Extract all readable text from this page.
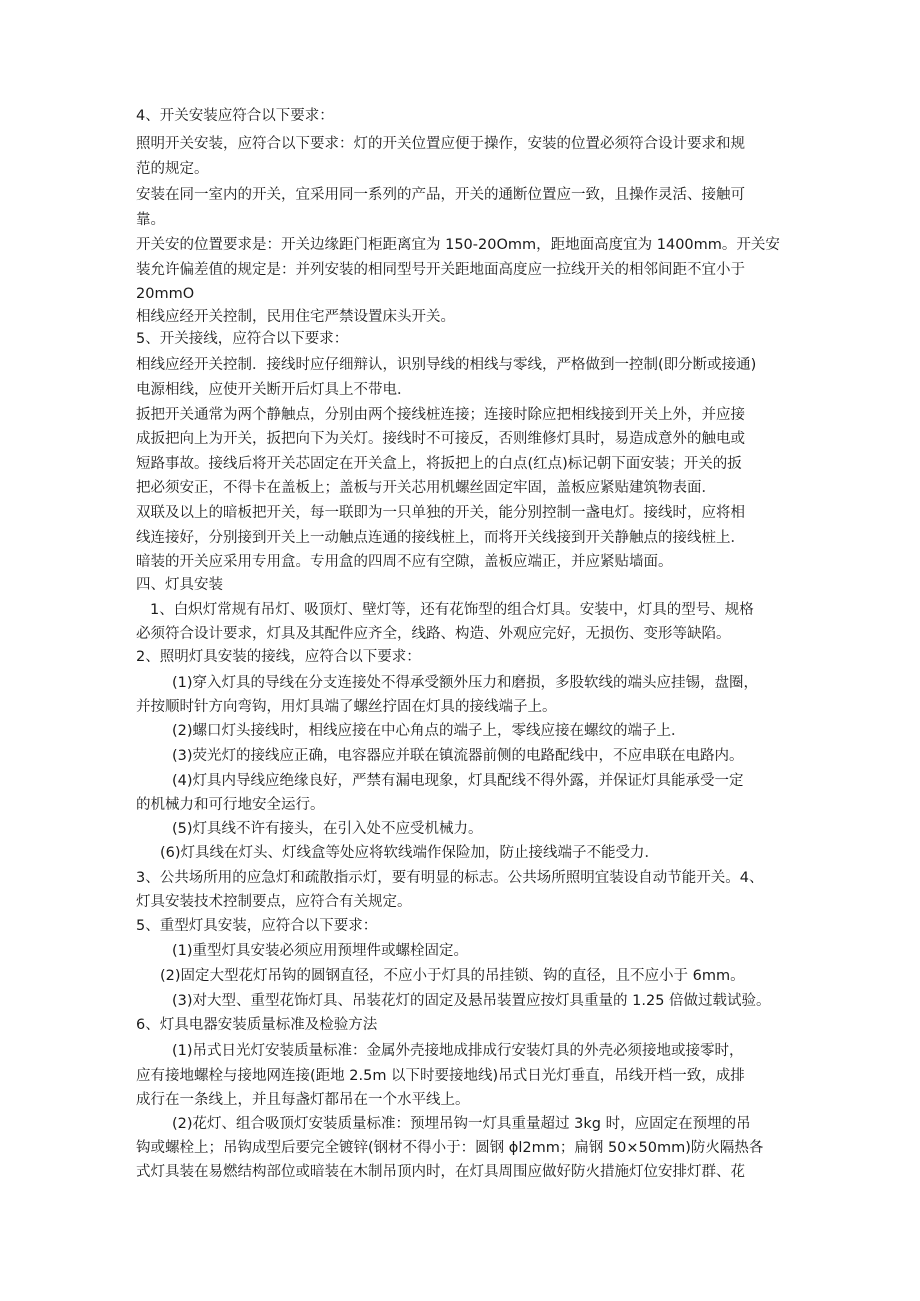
4、开关安装应符合以下要求：
照明开关安装，应符合以下要求：灯的开关位置应便于操作，安装的位置必须符合设计要求和规
范的规定。
安装在同一室内的开关，宜采用同一系列的产品，开关的通断位置应一致，且操作灵活、接触可
靠。
开关安的位置要求是：开关边缘距门柜距离宜为 150-20Omm，距地面高度宜为 1400mm。开关安
装允许偏差值的规定是：并列安装的相同型号开关距地面高度应一拉线开关的相邻间距不宜小于
20mmO
相线应经开关控制，民用住宅严禁设置床头开关。
5、开关接线，应符合以下要求：
相线应经开关控制．接线时应仔细辩认，识别导线的相线与零线，严格做到一控制(即分断或接通)
电源相线，应使开关断开后灯具上不带电．
扳把开关通常为两个静触点，分别由两个接线桩连接；连接时除应把相线接到开关上外，并应接
成扳把向上为开关，扳把向下为关灯。接线时不可接反，否则维修灯具时，易造成意外的触电或
短路事故。接线后将开关芯固定在开关盒上，将扳把上的白点(红点)标记朝下面安装；开关的扳
把必须安正，不得卡在盖板上；盖板与开关芯用机螺丝固定牢固，盖板应紧贴建筑物表面．
双联及以上的暗板把开关，每一联即为一只单独的开关，能分别控制一盏电灯。接线时，应将相
线连接好，分别接到开关上一动触点连通的接线桩上，而将开关线接到开关静触点的接线桩上．
暗装的开关应采用专用盒。专用盒的四周不应有空隙，盖板应端正，并应紧贴墙面。
四、灯具安装
1、白炽灯常规有吊灯、吸顶灯、壁灯等，还有花饰型的组合灯具。安装中，灯具的型号、规格
必须符合设计要求，灯具及其配件应齐全，线路、构造、外观应完好，无损伤、变形等缺陷。
2、照明灯具安装的接线，应符合以下要求：
(1)穿入灯具的导线在分支连接处不得承受额外压力和磨损，多股软线的端头应挂锡，盘圈，
并按顺时针方向弯钩，用灯具端了螺丝拧固在灯具的接线端子上。
(2)螺口灯头接线时，相线应接在中心角点的端子上，零线应接在螺纹的端子上．
(3)荧光灯的接线应正确，电容器应并联在镇流器前侧的电路配线中，不应串联在电路内。
(4)灯具内导线应绝缘良好，严禁有漏电现象，灯具配线不得外露，并保证灯具能承受一定
的机械力和可行地安全运行。
(5)灯具线不许有接头，在引入处不应受机械力。
(6)灯具线在灯头、灯线盒等处应将软线端作保险加，防止接线端子不能受力．
3、公共场所用的应急灯和疏散指示灯，要有明显的标志。公共场所照明宜装设自动节能开关。4、
灯具安装技术控制要点，应符合有关规定。
5、重型灯具安装，应符合以下要求：
(1)重型灯具安装必须应用预埋件或螺栓固定。
(2)固定大型花灯吊钩的圆钢直径，不应小于灯具的吊挂锁、钩的直径，且不应小于 6mm。
(3)对大型、重型花饰灯具、吊装花灯的固定及悬吊装置应按灯具重量的 1.25 倍做过载试验。
6、灯具电器安装质量标准及检验方法
(1)吊式日光灯安装质量标准：金属外壳接地成排成行安装灯具的外壳必须接地或接零时，
应有接地螺栓与接地网连接(距地 2.5m 以下时要接地线)吊式日光灯垂直，吊线开档一致，成排
成行在一条线上，并且每盏灯都吊在一个水平线上。
(2)花灯、组合吸顶灯安装质量标准：预埋吊钩一灯具重量超过 3kg 时，应固定在预埋的吊
钩或螺栓上；吊钩成型后要完全镀锌(钢材不得小于：圆钢 ϕl2mm；扁钢 50×50mm)防火隔热各
式灯具装在易燃结构部位或暗装在木制吊顶内时，在灯具周围应做好防火措施灯位安排灯群、花
